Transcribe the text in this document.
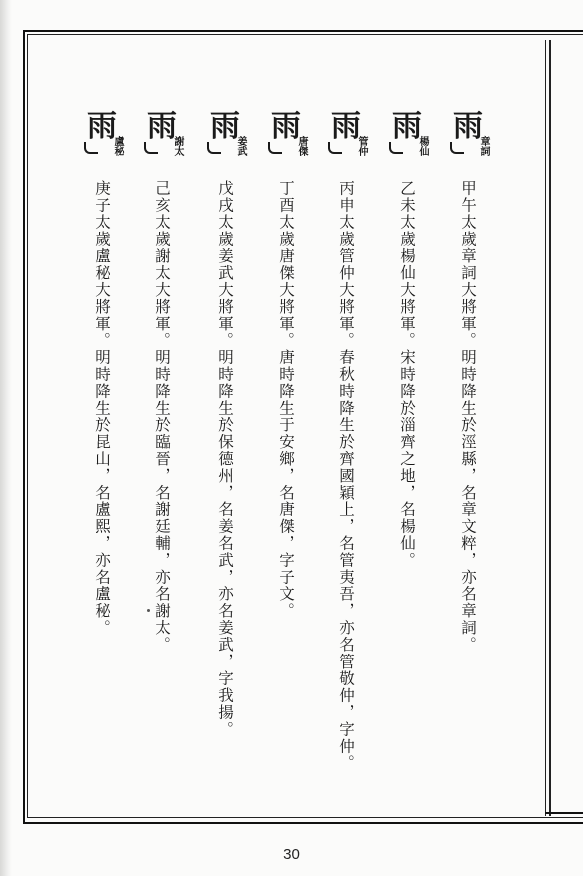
雨
章詞
甲午太歲章詞大將軍。明時降生於涇縣，名章文粹，亦名章詞。
雨
楊仙
乙未太歲楊仙大將軍。宋時降於淄齊之地，名楊仙。
雨
管仲
丙申太歲管仲大將軍。春秋時降生於齊國穎上，名管夷吾，亦名管敬仲，字仲。
雨
唐傑
丁酉太歲唐傑大將軍。唐時降生于安鄉，名唐傑，字子文。
雨
姜武
戊戌太歲姜武大將軍。明時降生於保德州，名姜名武，亦名姜武，字我揚。
雨
謝太
己亥太歲謝太大將軍。明時降生於臨晉，名謝廷輔，亦名謝太。
雨
盧秘
庚子太歲盧秘大將軍。明時降生於昆山，名盧熙，亦名盧秘。
30
